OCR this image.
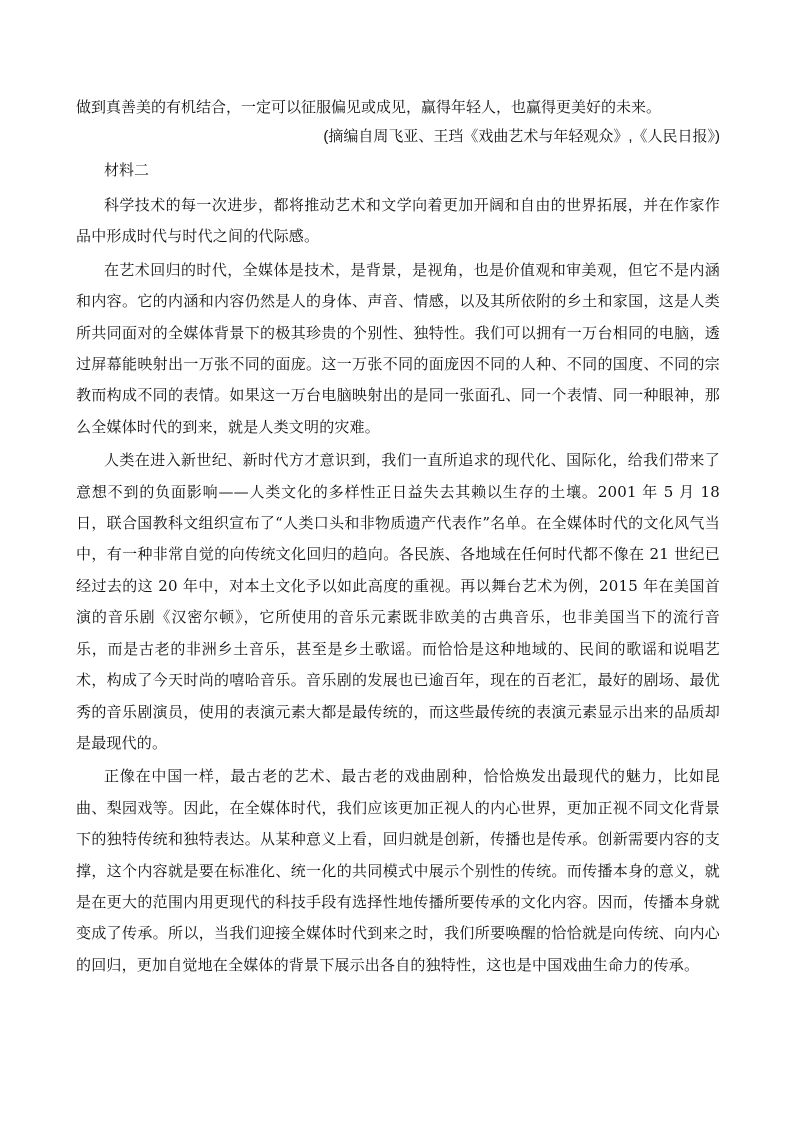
做到真善美的有机结合，一定可以征服偏见或成见，赢得年轻人，也赢得更美好的未来。

(摘编自周飞亚、王珰《戏曲艺术与年轻观众》,《人民日报》)

材料二

科学技术的每一次进步，都将推动艺术和文学向着更加开阔和自由的世界拓展，并在作家作品中形成时代与时代之间的代际感。

在艺术回归的时代，全媒体是技术，是背景，是视角，也是价值观和审美观，但它不是内涵和内容。它的内涵和内容仍然是人的身体、声音、情感，以及其所依附的乡土和家国，这是人类所共同面对的全媒体背景下的极其珍贵的个别性、独特性。我们可以拥有一万台相同的电脑，透过屏幕能映射出一万张不同的面庞。这一万张不同的面庞因不同的人种、不同的国度、不同的宗教而构成不同的表情。如果这一万台电脑映射出的是同一张面孔、同一个表情、同一种眼神，那么全媒体时代的到来，就是人类文明的灾难。

人类在进入新世纪、新时代方才意识到，我们一直所追求的现代化、国际化，给我们带来了意想不到的负面影响——人类文化的多样性正日益失去其赖以生存的土壤。2001 年 5 月 18 日，联合国教科文组织宣布了“人类口头和非物质遗产代表作”名单。在全媒体时代的文化风气当中，有一种非常自觉的向传统文化回归的趋向。各民族、各地域在任何时代都不像在 21 世纪已经过去的这 20 年中，对本土文化予以如此高度的重视。再以舞台艺术为例，2015 年在美国首演的音乐剧《汉密尔顿》，它所使用的音乐元素既非欧美的古典音乐，也非美国当下的流行音乐，而是古老的非洲乡土音乐，甚至是乡土歌谣。而恰恰是这种地域的、民间的歌谣和说唱艺术，构成了今天时尚的嘻哈音乐。音乐剧的发展也已逾百年，现在的百老汇，最好的剧场、最优秀的音乐剧演员，使用的表演元素大都是最传统的，而这些最传统的表演元素显示出来的品质却是最现代的。

正像在中国一样，最古老的艺术、最古老的戏曲剧种，恰恰焕发出最现代的魅力，比如昆曲、梨园戏等。因此，在全媒体时代，我们应该更加正视人的内心世界，更加正视不同文化背景下的独特传统和独特表达。从某种意义上看，回归就是创新，传播也是传承。创新需要内容的支撑，这个内容就是要在标准化、统一化的共同模式中展示个别性的传统。而传播本身的意义，就是在更大的范围内用更现代的科技手段有选择性地传播所要传承的文化内容。因而，传播本身就变成了传承。所以，当我们迎接全媒体时代到来之时，我们所要唤醒的恰恰就是向传统、向内心的回归，更加自觉地在全媒体的背景下展示出各自的独特性，这也是中国戏曲生命力的传承。
